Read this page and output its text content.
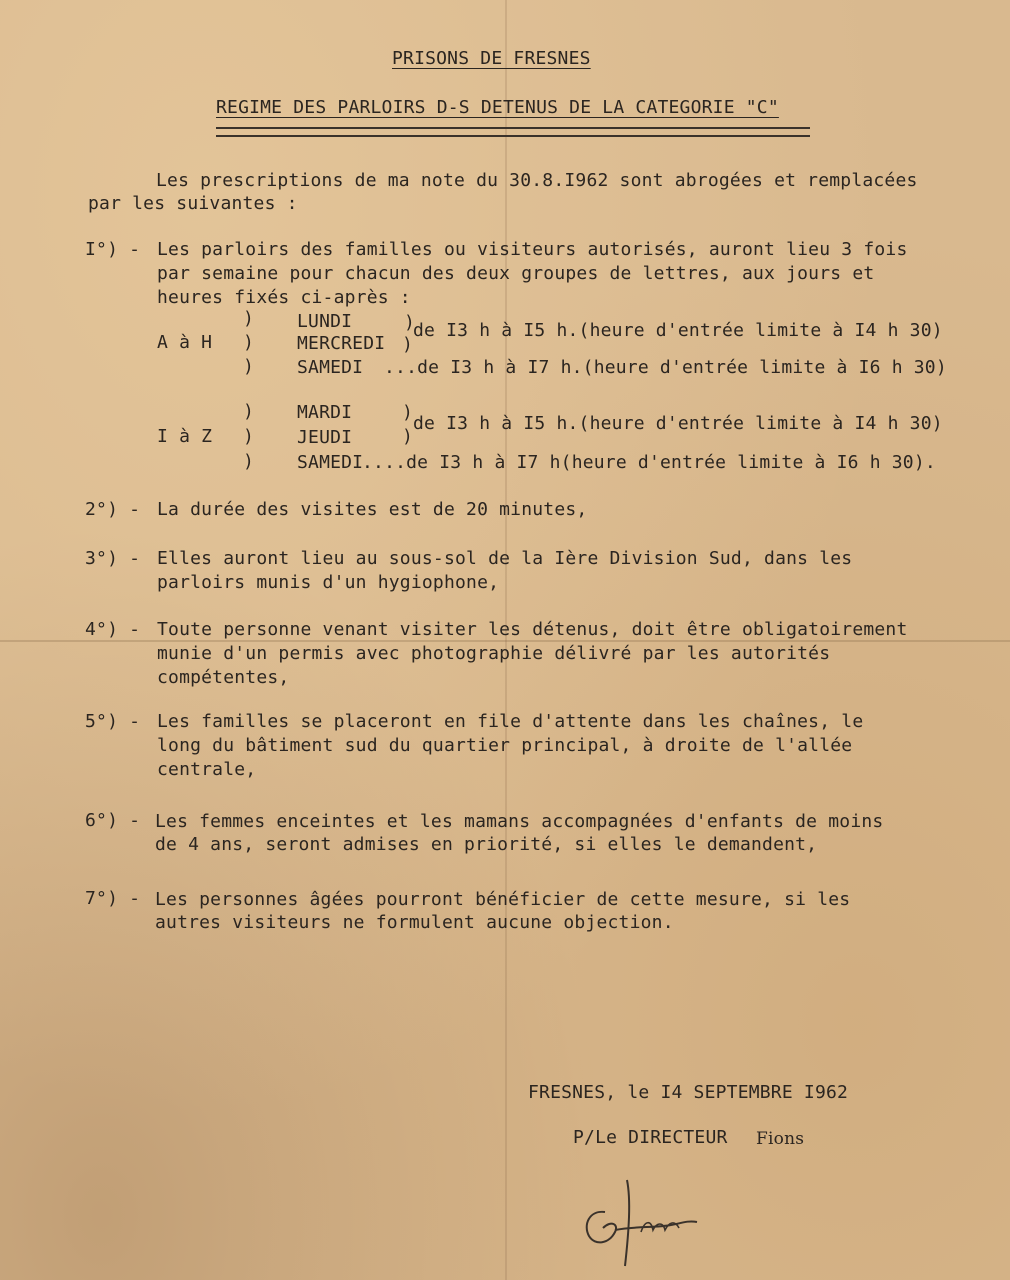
PRISONS DE FRESNES
REGIME DES PARLOIRS D-S DETENUS DE LA CATEGORIE "C"
Les prescriptions de ma note du 30.8.I962 sont abrogées et remplacées
par les suivantes :
I°) - Les parloirs des familles ou visiteurs autorisés, auront lieu 3 fois
par semaine pour chacun des deux groupes de lettres, aux jours et
heures fixés ci-après :
)
)
)
A à H
LUNDI
MERCREDI
SAMEDI
)
)
de I3 h à I5 h.(heure d'entrée limite à I4 h 30)
...de I3 h à I7 h.(heure d'entrée limite à I6 h 30)
)
)
)
I à Z
MARDI
JEUDI
SAMEDI
)
)
de I3 h à I5 h.(heure d'entrée limite à I4 h 30)
....de I3 h à I7 h(heure d'entrée limite à I6 h 30).
2°) - La durée des visites est de 20 minutes,
3°) - Elles auront lieu au sous-sol de la Ière Division Sud, dans les
parloirs munis d'un hygiophone,
4°) - Toute personne venant visiter les détenus, doit être obligatoirement
munie d'un permis avec photographie délivré par les autorités
compétentes,
5°) - Les familles se placeront en file d'attente dans les chaînes, le
long du bâtiment sud du quartier principal, à droite de l'allée
centrale,
6°) - Les femmes enceintes et les mamans accompagnées d'enfants de moins
de 4 ans, seront admises en priorité, si elles le demandent,
7°) - Les personnes âgées pourront bénéficier de cette mesure, si les
autres visiteurs ne formulent aucune objection.
FRESNES, le I4 SEPTEMBRE I962
P/Le DIRECTEUR Fions
